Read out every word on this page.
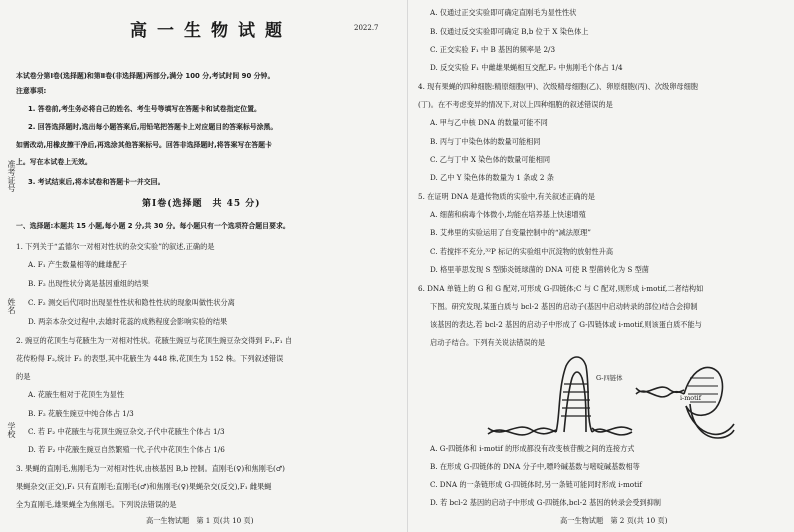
准考证号
姓名
学校
高一生物试题	2022.7
本试卷分第Ⅰ卷(选择题)和第Ⅱ卷(非选择题)两部分,满分 100 分,考试时间 90 分钟。
注意事项:
1. 答卷前,考生务必将自己的姓名、考生号等填写在答题卡和试卷指定位置。
2. 回答选择题时,选出每小题答案后,用铅笔把答题卡上对应题目的答案标号涂黑。
如需改动,用橡皮擦干净后,再选涂其他答案标号。回答非选择题时,将答案写在答题卡
上。写在本试卷上无效。
3. 考试结束后,将本试卷和答题卡一并交回。
第Ⅰ卷(选择题　共 45 分)
一、选择题:本题共 15 小题,每小题 2 分,共 30 分。每小题只有一个选项符合题目要求。
1. 下列关于“孟德尔一对相对性状的杂交实验”的叙述,正确的是
A. F₁ 产生数量相等的雌雄配子
B. F₂ 出现性状分离是基因重组的结果
C. F₂ 测交后代同时出现显性性状和隐性性状的现象叫做性状分离
D. 两亲本杂交过程中,去雄时花蕊的成熟程度会影响实验的结果
2. 豌豆的花顶生与花腋生为一对相对性状。花腋生豌豆与花顶生豌豆杂交得到 F₁,F₁ 自
花传粉得 F₂,统计 F₂ 的表型,其中花腋生为 448 株,花顶生为 152 株。下列叙述错误
的是
A. 花腋生相对于花顶生为显性
B. F₂ 花腋生豌豆中纯合体占 1/3
C. 若 F₂ 中花腋生与花顶生豌豆杂交,子代中花腋生个体占 1/3
D. 若 F₂ 中花腋生豌豆自然繁殖一代,子代中花顶生个体占 1/6
3. 果蝇的直刚毛,焦刚毛为一对相对性状,由核基因 B,b 控制。直刚毛(♀)和焦刚毛(♂)
果蝇杂交(正交),F₁ 只有直刚毛;直刚毛(♂)和焦刚毛(♀)果蝇杂交(反交),F₁ 雌果蝇
全为直刚毛,雄果蝇全为焦刚毛。下列说法错误的是
高一生物试题　第 1 页(共 10 页)
A. 仅通过正交实验即可确定直刚毛为显性性状
B. 仅通过反交实验即可确定 B,b 位于 X 染色体上
C. 正交实验 F₁ 中 B 基因的频率是 2/3
D. 反交实验 F₁ 中雌雄果蝇相互交配,F₂ 中焦刚毛个体占 1/4
4. 现有果蝇的四种细胞:精原细胞(甲)、次级精母细胞(乙)、卵原细胞(丙)、次级卵母细胞
(丁)。在不考虑变异的情况下,对以上四种细胞的叙述错误的是
A. 甲与乙中核 DNA 的数量可能不同
B. 丙与丁中染色体的数量可能相同
C. 乙与丁中 X 染色体的数量可能相同
D. 乙中 Y 染色体的数量为 1 条或 2 条
5. 在证明 DNA 是遗传物质的实验中,有关叙述正确的是
A. 细菌和病毒个体微小,均能在培养基上快速增殖
B. 艾弗里的实验运用了自变量控制中的“减法原理”
C. 若搅拌不充分,³²P 标记的实验组中沉淀物的放射性升高
D. 格里菲思发现 S 型肺炎链球菌的 DNA 可使 R 型菌转化为 S 型菌
6. DNA 单链上的 G 和 G 配对,可形成 G-四链体;C 与 C 配对,则形成 i-motif,二者结构如
下图。研究发现,某蛋白质与 bcl-2 基因的启动子(基因中启动转录的部位)结合会抑制
该基因的表达,若 bcl-2 基因的启动子中形成了 G-四链体或 i-motif,则该蛋白质不能与
启动子结合。下列有关说法错误的是
G-四链体
i-motif
A. G-四链体和 i-motif 的形成都没有改变核苷酸之间的连接方式
B. 在形成 G-四链体的 DNA 分子中,嘌呤碱基数与嘧啶碱基数相等
C. DNA 的一条链形成 G-四链体时,另一条链可能同时形成 i-motif
D. 若 bcl-2 基因的启动子中形成 G-四链体,bcl-2 基因的转录会受到抑制
高一生物试题　第 2 页(共 10 页)
